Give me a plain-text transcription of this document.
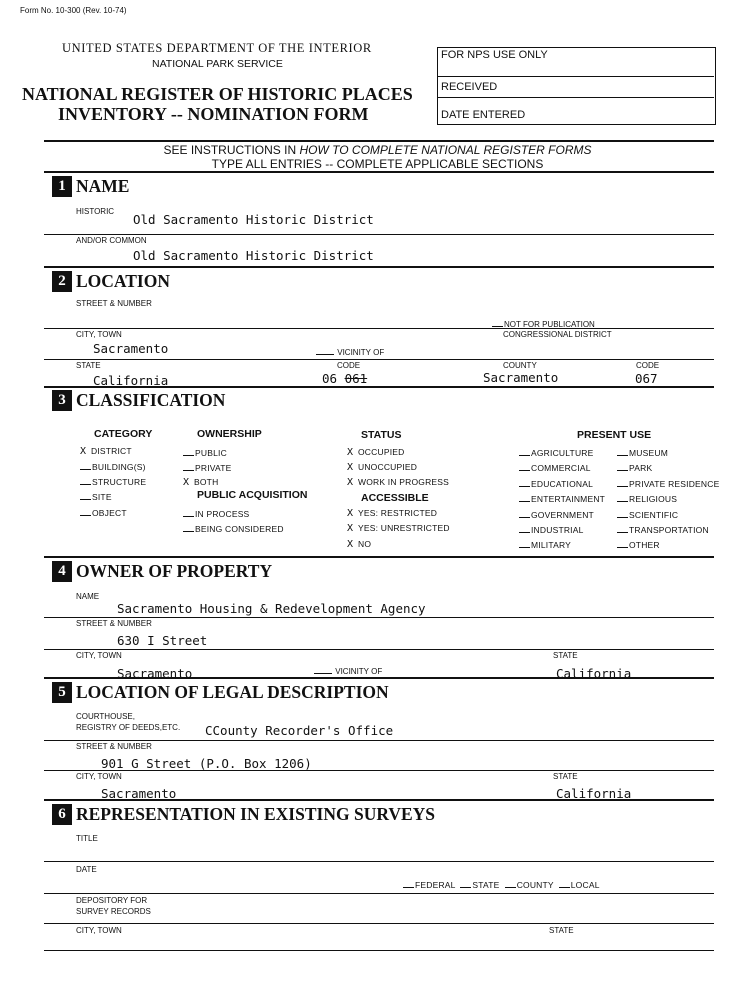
Form No. 10-300 (Rev. 10-74)
UNITED STATES DEPARTMENT OF THE INTERIOR
NATIONAL PARK SERVICE
NATIONAL REGISTER OF HISTORIC PLACES
INVENTORY -- NOMINATION FORM
FOR NPS USE ONLY
RECEIVED
DATE ENTERED
SEE INSTRUCTIONS IN HOW TO COMPLETE NATIONAL REGISTER FORMS
TYPE ALL ENTRIES -- COMPLETE APPLICABLE SECTIONS
1 NAME
HISTORIC
Old Sacramento Historic District
AND/OR COMMON
Old Sacramento Historic District
2 LOCATION
STREET & NUMBER
NOT FOR PUBLICATION
CITY, TOWN	CONGRESSIONAL DISTRICT
Sacramento	VICINITY OF
STATE	CODE	COUNTY	CODE
California	06 061	Sacramento	067
3 CLASSIFICATION
CATEGORY	OWNERSHIP	STATUS	PRESENT USE
PUBLIC ACQUISITION	ACCESSIBLE
X DISTRICT
BUILDING(S)
STRUCTURE
SITE
OBJECT
PUBLIC
PRIVATE
X BOTH
IN PROCESS
BEING CONSIDERED
X OCCUPIED
X UNOCCUPIED
X WORK IN PROGRESS
X YES: RESTRICTED
X YES: UNRESTRICTED
X NO
AGRICULTURE
COMMERCIAL
EDUCATIONAL
ENTERTAINMENT
GOVERNMENT
INDUSTRIAL
MILITARY
MUSEUM
PARK
PRIVATE RESIDENCE
RELIGIOUS
SCIENTIFIC
TRANSPORTATION
OTHER
4 OWNER OF PROPERTY
NAME
Sacramento Housing & Redevelopment Agency
STREET & NUMBER
630 I Street
CITY, TOWN	STATE
VICINITY OF
Sacramento	California
5 LOCATION OF LEGAL DESCRIPTION
COURTHOUSE,
REGISTRY OF DEEDS,ETC. CCounty Recorder's Office
STREET & NUMBER
901 G Street (P.O. Box 1206)
CITY, TOWN	STATE
Sacramento	California
6 REPRESENTATION IN EXISTING SURVEYS
TITLE
DATE
FEDERAL STATE COUNTY LOCAL
DEPOSITORY FOR
SURVEY RECORDS
CITY, TOWN	STATE
